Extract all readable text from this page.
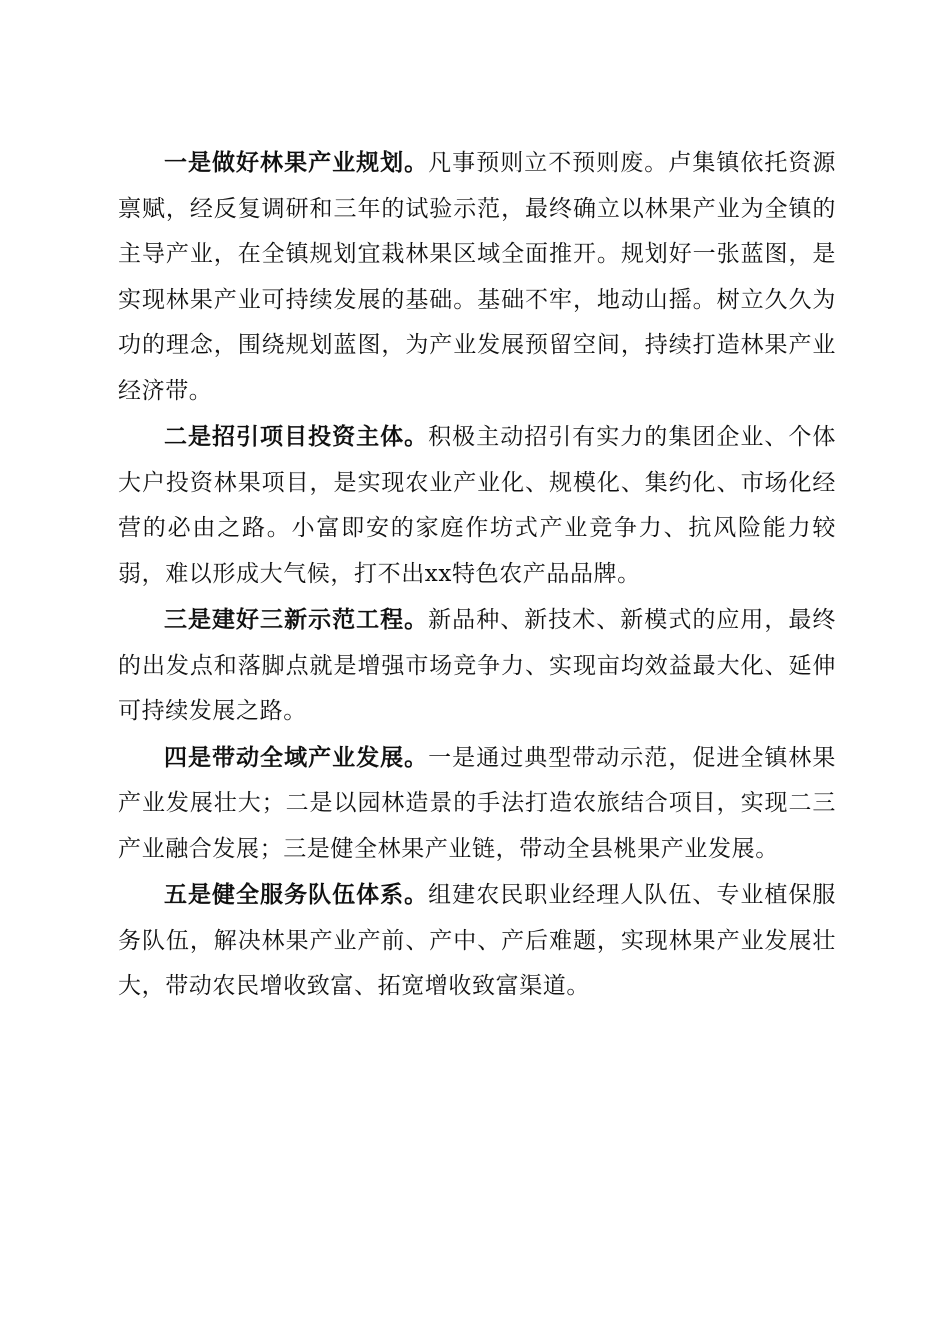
一是做好林果产业规划。凡事预则立不预则废。卢集镇依托资源禀赋，经反复调研和三年的试验示范，最终确立以林果产业为全镇的主导产业，在全镇规划宜栽林果区域全面推开。规划好一张蓝图，是实现林果产业可持续发展的基础。基础不牢，地动山摇。树立久久为功的理念，围绕规划蓝图，为产业发展预留空间，持续打造林果产业经济带。

二是招引项目投资主体。积极主动招引有实力的集团企业、个体大户投资林果项目，是实现农业产业化、规模化、集约化、市场化经营的必由之路。小富即安的家庭作坊式产业竞争力、抗风险能力较弱，难以形成大气候，打不出xx特色农产品品牌。

三是建好三新示范工程。新品种、新技术、新模式的应用，最终的出发点和落脚点就是增强市场竞争力、实现亩均效益最大化、延伸可持续发展之路。

四是带动全域产业发展。一是通过典型带动示范，促进全镇林果产业发展壮大；二是以园林造景的手法打造农旅结合项目，实现二三产业融合发展；三是健全林果产业链，带动全县桃果产业发展。

五是健全服务队伍体系。组建农民职业经理人队伍、专业植保服务队伍，解决林果产业产前、产中、产后难题，实现林果产业发展壮大，带动农民增收致富、拓宽增收致富渠道。
